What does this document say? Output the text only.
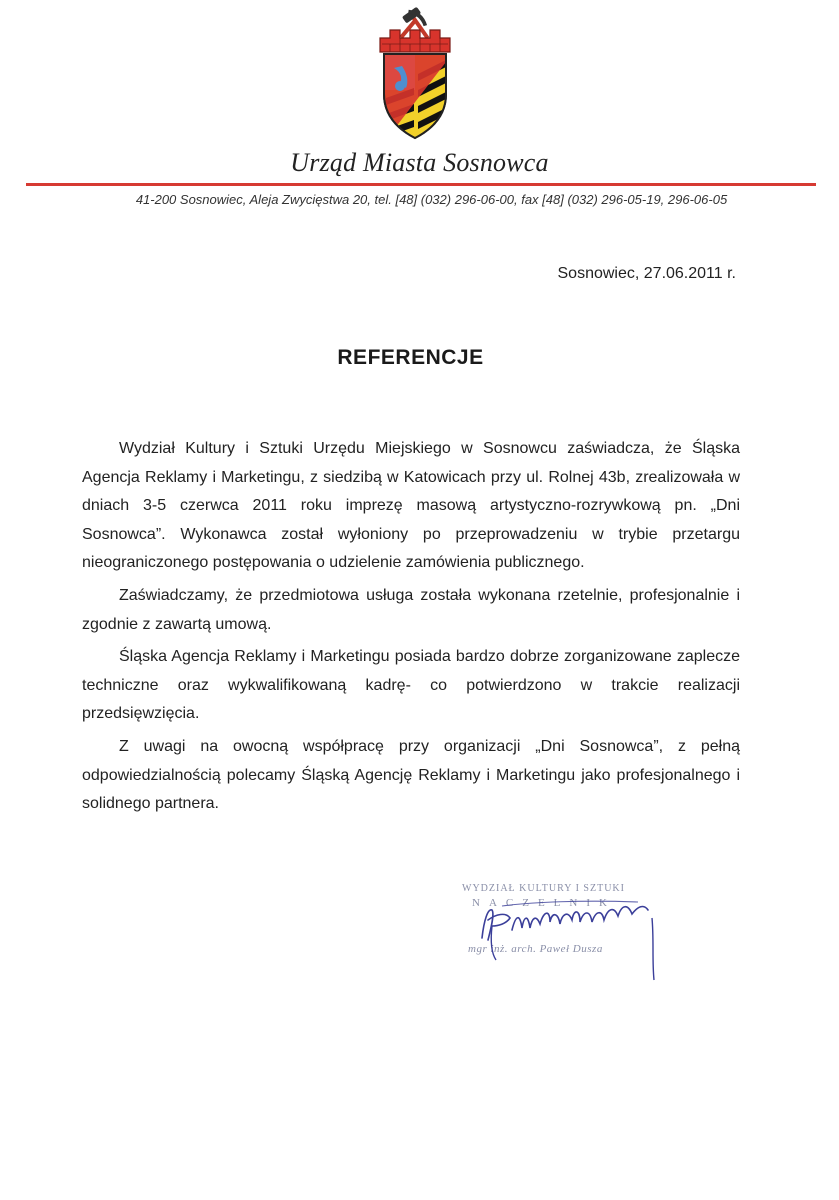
Urząd Miasta Sosnowca
41-200 Sosnowiec, Aleja Zwycięstwa 20, tel. [48] (032) 296-06-00, fax [48] (032) 296-05-19, 296-06-05
Sosnowiec, 27.06.2011 r.
REFERENCJE

Wydział Kultury i Sztuki Urzędu Miejskiego w Sosnowcu zaświadcza, że Śląska Agencja Reklamy i Marketingu, z siedzibą w Katowicach przy ul. Rolnej 43b, zrealizowała w dniach 3-5 czerwca 2011 roku imprezę masową artystyczno-rozrywkową pn. „Dni Sosnowca”. Wykonawca został wyłoniony po przeprowadzeniu w trybie przetargu nieograniczonego postępowania o udzielenie zamówienia publicznego.

Zaświadczamy, że przedmiotowa usługa została wykonana rzetelnie, profesjonalnie i zgodnie z zawartą umową.

Śląska Agencja Reklamy i Marketingu posiada bardzo dobrze zorganizowane zaplecze techniczne oraz wykwalifikowaną kadrę- co potwierdzono w trakcie realizacji przedsięwzięcia.

Z uwagi na owocną współpracę przy organizacji „Dni Sosnowca”, z pełną odpowiedzialnością polecamy Śląską Agencję Reklamy i Marketingu jako profesjonalnego i solidnego partnera.

WYDZIAŁ KULTURY I SZTUKI
NACZELNIK
mgr inż. arch. Paweł Dusza
